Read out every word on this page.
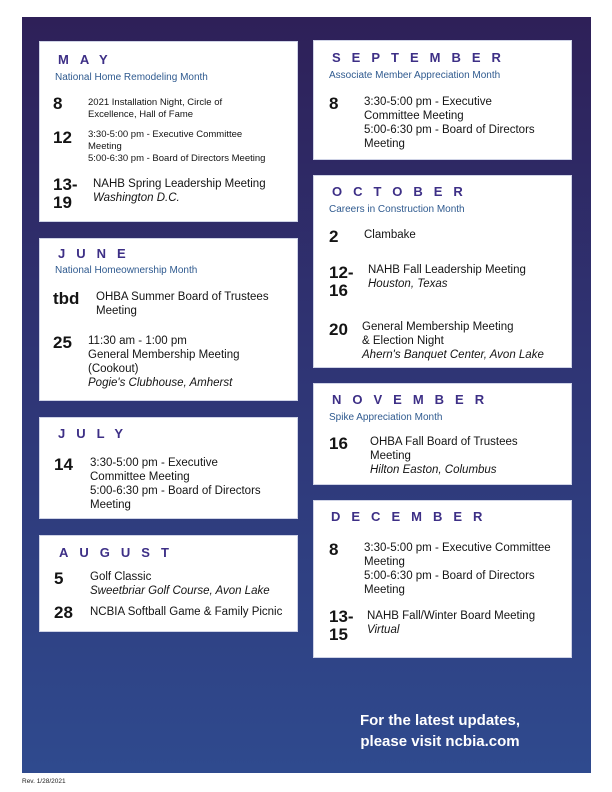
MAY
National Home Remodeling Month
8	2021 Installation Night, Circle of
Excellence, Hall of Fame
12 3:30-5:00 pm - Executive Committee
Meeting
5:00-6:30 pm - Board of Directors Meeting
13-
19
NAHB Spring Leadership Meeting
Washington D.C.
JUNE
National Homeownership Month
tbd OHBA Summer Board of Trustees
Meeting
25 11:30 am - 1:00 pm
General Membership Meeting
(Cookout)
Pogie's Clubhouse, Amherst
JULY
14 3:30-5:00 pm - Executive
Committee Meeting
5:00-6:30 pm - Board of Directors
Meeting
AUGUST
5 Golf Classic
Sweetbriar Golf Course, Avon Lake
28 NCBIA Softball Game & Family Picnic
SEPTEMBER
Associate Member Appreciation Month
8 3:30-5:00 pm - Executive
Committee Meeting
5:00-6:30 pm - Board of Directors
Meeting
OCTOBER
Careers in Construction Month
2 Clambake
12-
16
NAHB Fall Leadership Meeting
Houston, Texas
20 General Membership Meeting
& Election Night
Ahern's Banquet Center, Avon Lake
NOVEMBER
Spike Appreciation Month
16 OHBA Fall Board of Trustees
Meeting
Hilton Easton, Columbus
DECEMBER
8 3:30-5:00 pm - Executive Committee
Meeting
5:00-6:30 pm - Board of Directors
Meeting
13-
15
NAHB Fall/Winter Board Meeting
Virtual
For the latest updates,
please visit ncbia.com
Rev. 1/28/2021
